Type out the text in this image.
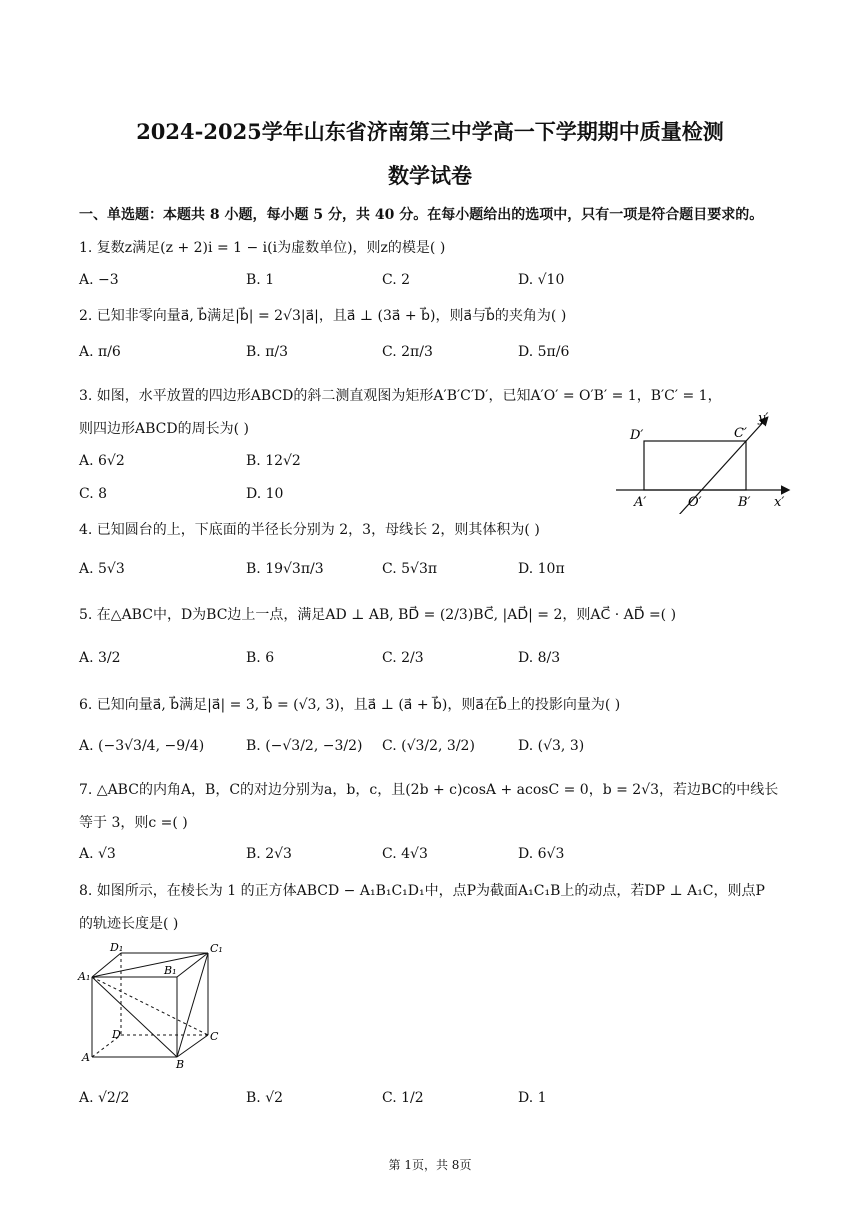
2024-2025学年山东省济南第三中学高一下学期期中质量检测
数学试卷
一、单选题：本题共 8 小题，每小题 5 分，共 40 分。在每小题给出的选项中，只有一项是符合题目要求的。
1. 复数z满足(z + 2)i = 1 − i(i为虚数单位)，则z的模是( )
A. −3	B. 1	C. 2	D. √10
2. 已知非零向量a⃗, b⃗满足|b⃗| = 2√3|a⃗|，且a⃗ ⊥ (3a⃗ + b⃗)，则a⃗与b⃗的夹角为( )
A. π/6	B. π/3	C. 2π/3	D. 5π/6
3. 如图，水平放置的四边形ABCD的斜二测直观图为矩形A′B′C′D′，已知A′O′ = O′B′ = 1，B′C′ = 1，
则四边形ABCD的周长为( )
A. 6√2	B. 12√2
C. 8	D. 10
D′	C′
y′
A′	O′	B′ x′
4. 已知圆台的上，下底面的半径长分别为 2，3，母线长 2，则其体积为( )
A. 5√3	B. 19√3π/3	C. 5√3π	D. 10π
5. 在△ABC中，D为BC边上一点，满足AD ⊥ AB, BD⃗ = (2/3)BC⃗, |AD⃗| = 2，则AC⃗ · AD⃗ =( )
A. 3/2	B. 6	C. 2/3	D. 8/3
6. 已知向量a⃗, b⃗满足|a⃗| = 3, b⃗ = (√3, 3)，且a⃗ ⊥ (a⃗ + b⃗)，则a⃗在b⃗上的投影向量为( )
A. (−3√3/4, −9/4)	B. (−√3/2, −3/2) C. (√3/2, 3/2)	D. (√3, 3)
7. △ABC的内角A，B，C的对边分别为a，b，c，且(2b + c)cosA + acosC = 0，b = 2√3，若边BC的中线长
等于 3，则c =( )
A. √3	B. 2√3	C. 4√3	D. 6√3
8. 如图所示，在棱长为 1 的正方体ABCD − A₁B₁C₁D₁中，点P为截面A₁C₁B上的动点，若DP ⊥ A₁C，则点P
的轨迹长度是( )
D₁	C₁
A₁	B₁
D	C
A
B
A. √2/2	B. √2	C. 1/2	D. 1
第 1页，共 8页
